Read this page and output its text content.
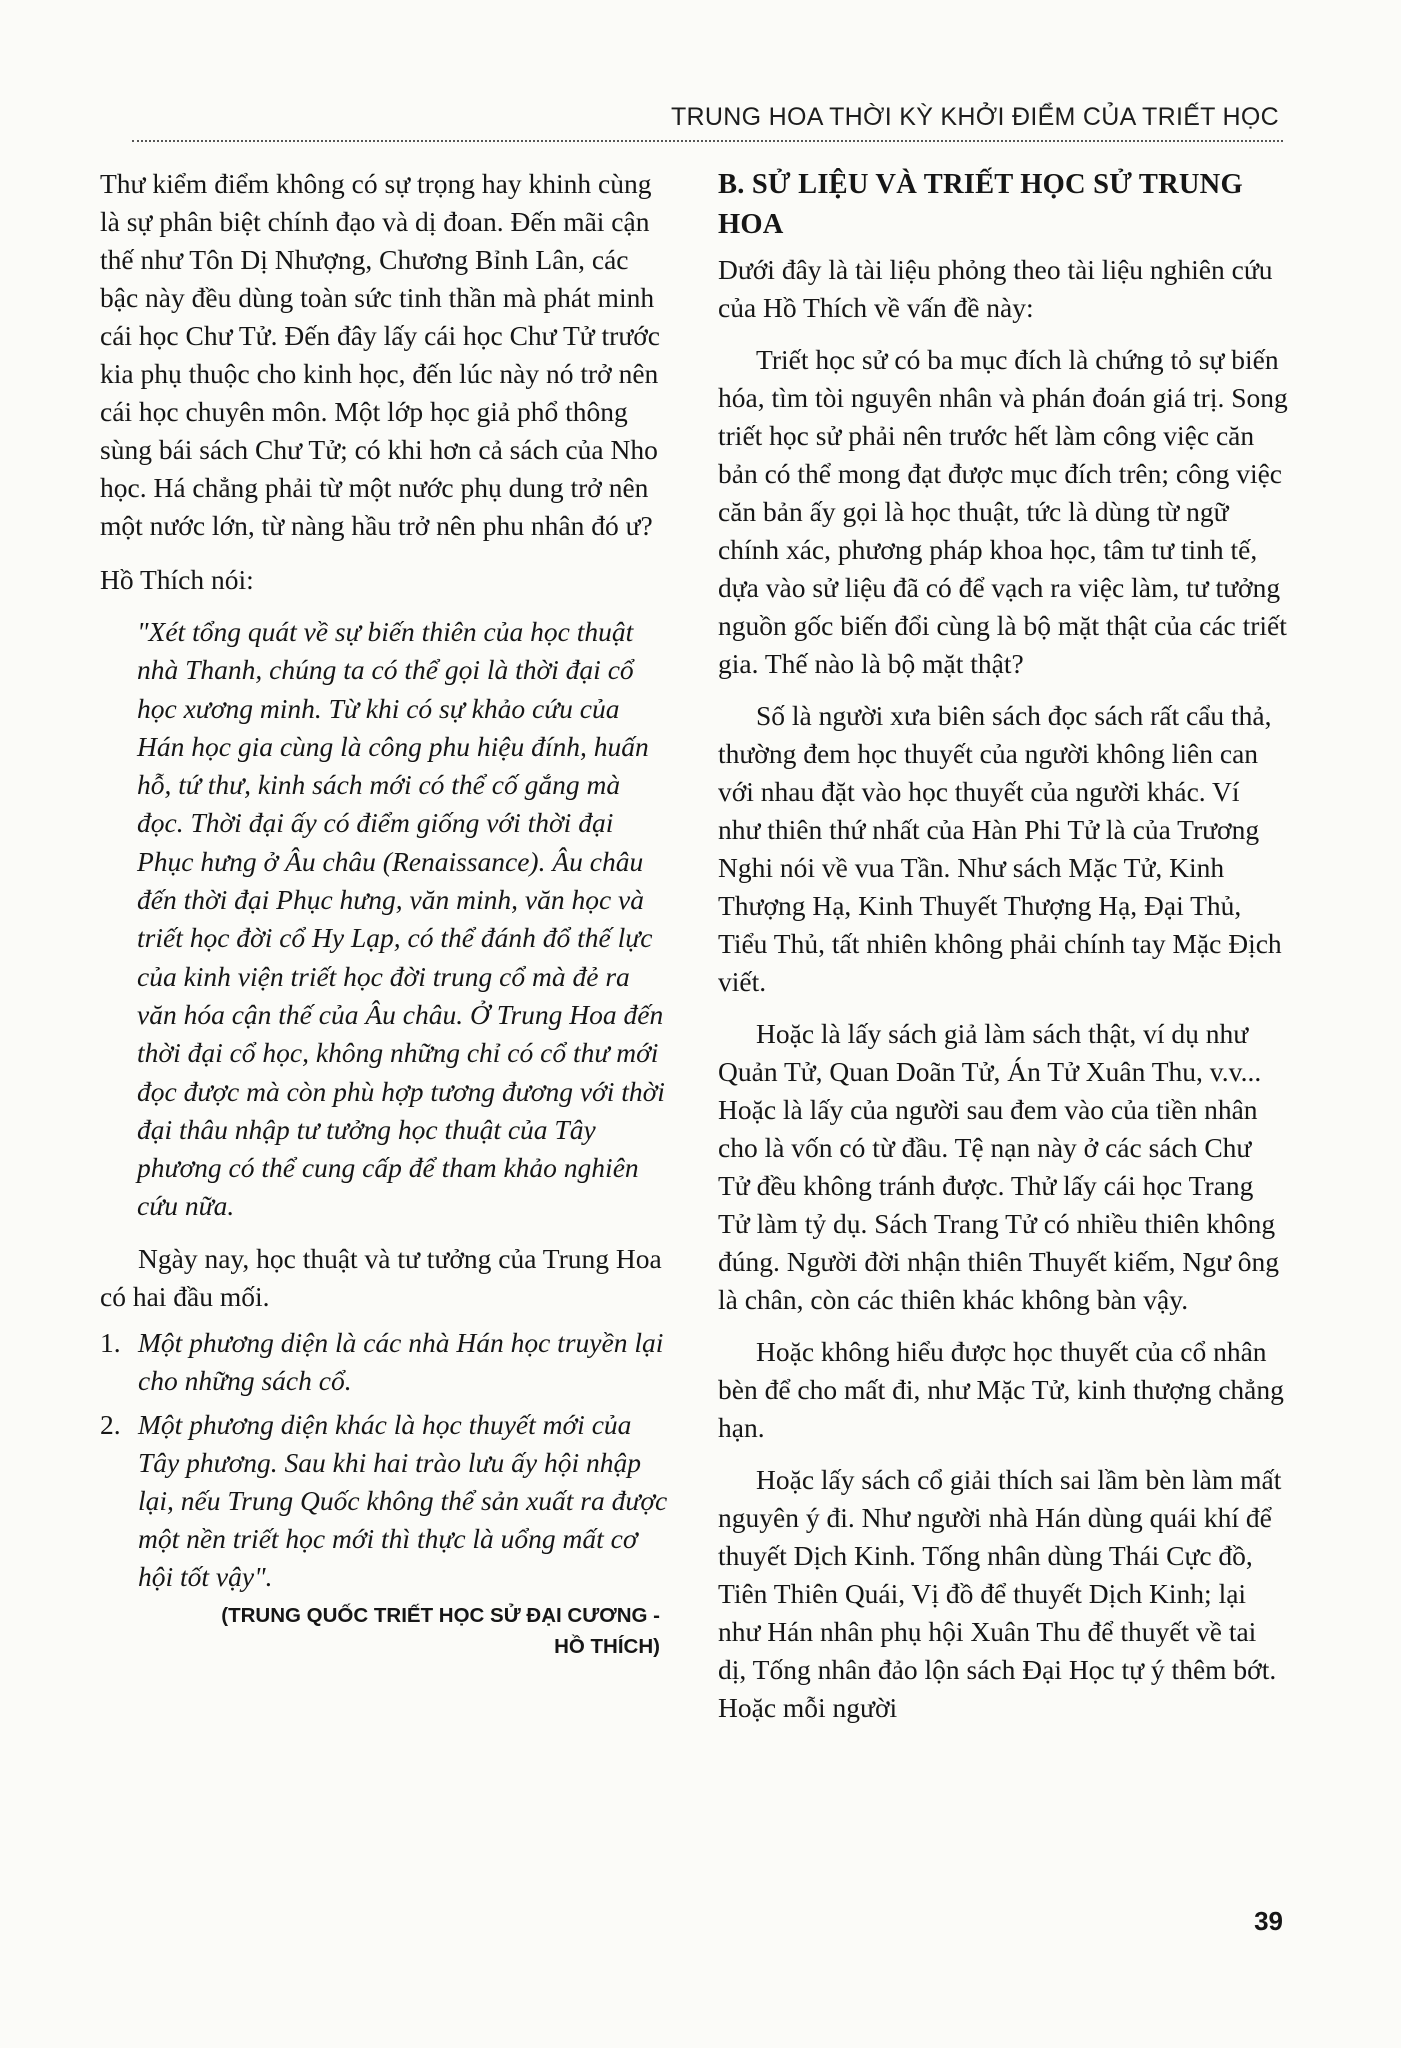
TRUNG HOA THỜI KỲ KHỞI ĐIỂM CỦA TRIẾT HỌC

Thư kiểm điểm không có sự trọng hay khinh cùng là sự phân biệt chính đạo và dị đoan. Đến mãi cận thế như Tôn Dị Nhượng, Chương Bỉnh Lân, các bậc này đều dùng toàn sức tinh thần mà phát minh cái học Chư Tử. Đến đây lấy cái học Chư Tử trước kia phụ thuộc cho kinh học, đến lúc này nó trở nên cái học chuyên môn. Một lớp học giả phổ thông sùng bái sách Chư Tử; có khi hơn cả sách của Nho học. Há chẳng phải từ một nước phụ dung trở nên một nước lớn, từ nàng hầu trở nên phu nhân đó ư?

Hồ Thích nói:

"Xét tổng quát về sự biến thiên của học thuật nhà Thanh, chúng ta có thể gọi là thời đại cổ học xương minh. Từ khi có sự khảo cứu của Hán học gia cùng là công phu hiệu đính, huấn hỗ, tứ thư, kinh sách mới có thể cố gắng mà đọc. Thời đại ấy có điểm giống với thời đại Phục hưng ở Âu châu (Renaissance). Âu châu đến thời đại Phục hưng, văn minh, văn học và triết học đời cổ Hy Lạp, có thể đánh đổ thế lực của kinh viện triết học đời trung cổ mà đẻ ra văn hóa cận thế của Âu châu. Ở Trung Hoa đến thời đại cổ học, không những chỉ có cổ thư mới đọc được mà còn phù hợp tương đương với thời đại thâu nhập tư tưởng học thuật của Tây phương có thể cung cấp để tham khảo nghiên cứu nữa.

Ngày nay, học thuật và tư tưởng của Trung Hoa có hai đầu mối.

1. Một phương diện là các nhà Hán học truyền lại cho những sách cổ.
2. Một phương diện khác là học thuyết mới của Tây phương. Sau khi hai trào lưu ấy hội nhập lại, nếu Trung Quốc không thể sản xuất ra được một nền triết học mới thì thực là uổng mất cơ hội tốt vậy".

(TRUNG QUỐC TRIẾT HỌC SỬ ĐẠI CƯƠNG -
HỒ THÍCH)

B. SỬ LIỆU VÀ TRIẾT HỌC SỬ TRUNG HOA

Dưới đây là tài liệu phỏng theo tài liệu nghiên cứu của Hồ Thích về vấn đề này:

Triết học sử có ba mục đích là chứng tỏ sự biến hóa, tìm tòi nguyên nhân và phán đoán giá trị. Song triết học sử phải nên trước hết làm công việc căn bản có thể mong đạt được mục đích trên; công việc căn bản ấy gọi là học thuật, tức là dùng từ ngữ chính xác, phương pháp khoa học, tâm tư tinh tế, dựa vào sử liệu đã có để vạch ra việc làm, tư tưởng nguồn gốc biến đổi cùng là bộ mặt thật của các triết gia. Thế nào là bộ mặt thật?

Số là người xưa biên sách đọc sách rất cẩu thả, thường đem học thuyết của người không liên can với nhau đặt vào học thuyết của người khác. Ví như thiên thứ nhất của Hàn Phi Tử là của Trương Nghi nói về vua Tần. Như sách Mặc Tử, Kinh Thượng Hạ, Kinh Thuyết Thượng Hạ, Đại Thủ, Tiểu Thủ, tất nhiên không phải chính tay Mặc Địch viết.

Hoặc là lấy sách giả làm sách thật, ví dụ như Quản Tử, Quan Doãn Tử, Án Tử Xuân Thu, v.v... Hoặc là lấy của người sau đem vào của tiền nhân cho là vốn có từ đầu. Tệ nạn này ở các sách Chư Tử đều không tránh được. Thử lấy cái học Trang Tử làm tỷ dụ. Sách Trang Tử có nhiều thiên không đúng. Người đời nhận thiên Thuyết kiếm, Ngư ông là chân, còn các thiên khác không bàn vậy.

Hoặc không hiểu được học thuyết của cổ nhân bèn để cho mất đi, như Mặc Tử, kinh thượng chẳng hạn.

Hoặc lấy sách cổ giải thích sai lầm bèn làm mất nguyên ý đi. Như người nhà Hán dùng quái khí để thuyết Dịch Kinh. Tống nhân dùng Thái Cực đồ, Tiên Thiên Quái, Vị đồ để thuyết Dịch Kinh; lại như Hán nhân phụ hội Xuân Thu để thuyết về tai dị, Tống nhân đảo lộn sách Đại Học tự ý thêm bớt. Hoặc mỗi người

39
